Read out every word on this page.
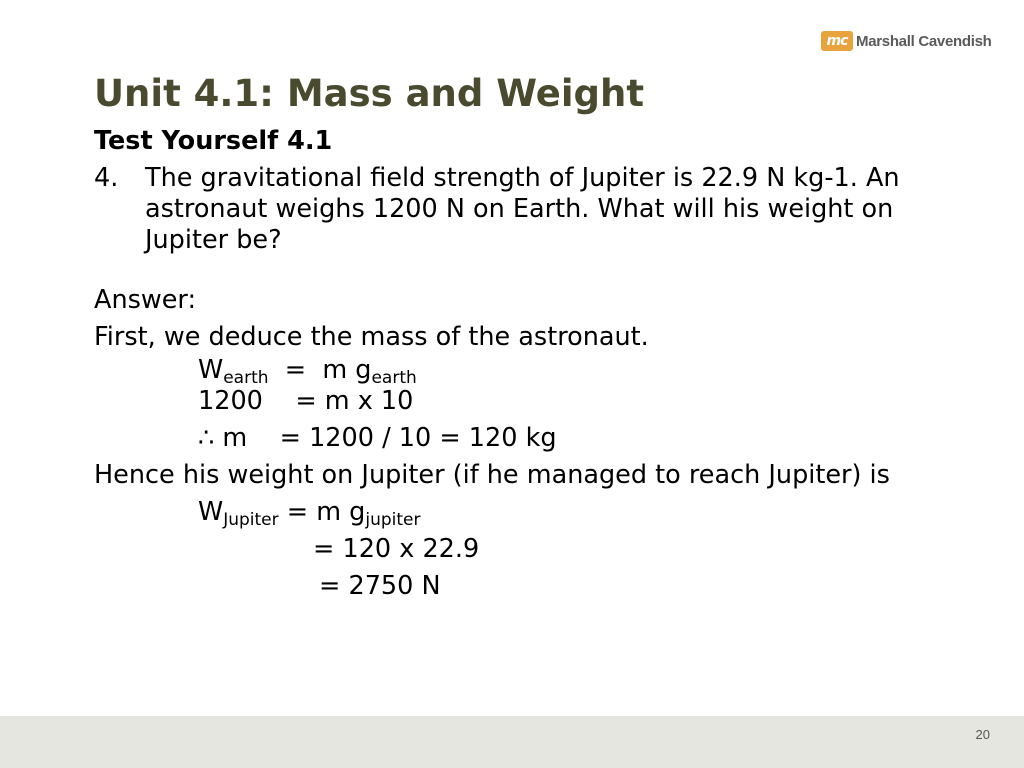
mc Marshall Cavendish
Unit 4.1: Mass and Weight
Test Yourself 4.1
4.	The gravitational field strength of Jupiter is 22.9 N kg-1. An astronaut weighs 1200 N on Earth. What will his weight on Jupiter be?
Answer:
First, we deduce the mass of the astronaut.
$W_{earth} = m$ $g_{earth}$
1200    = m x 10
∴ m    = 1200 / 10 = 120 kg
Hence his weight on Jupiter (if he managed to reach Jupiter) is
$W_{Jupiter} = m$ $g_{jupiter}$
= 120 x 22.9
= 2750 N
20
